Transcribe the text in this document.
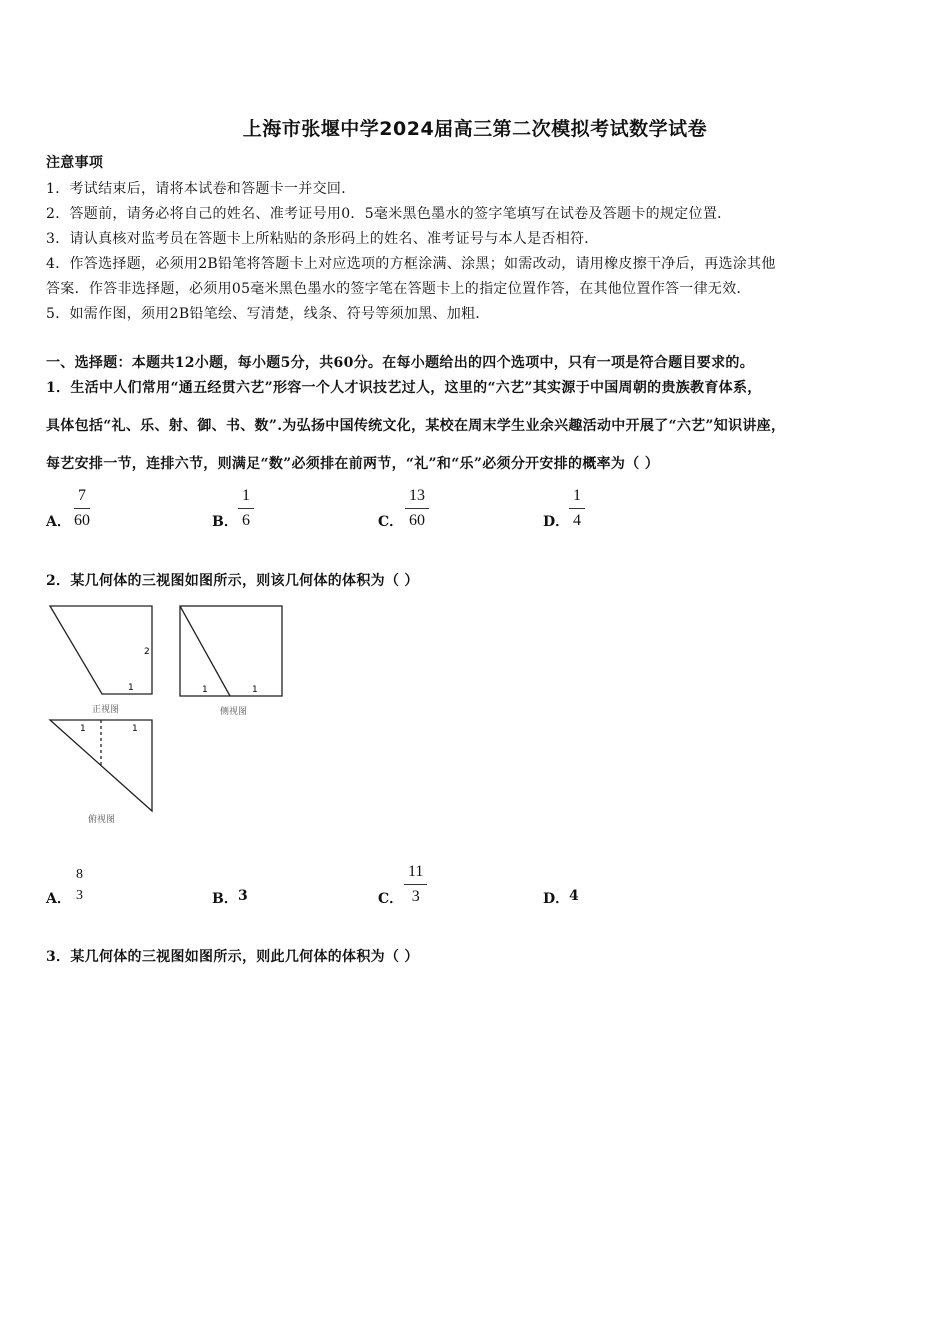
上海市张堰中学2024届高三第二次模拟考试数学试卷
注意事项
1．考试结束后，请将本试卷和答题卡一并交回．
2．答题前，请务必将自己的姓名、准考证号用0．5毫米黑色墨水的签字笔填写在试卷及答题卡的规定位置．
3．请认真核对监考员在答题卡上所粘贴的条形码上的姓名、准考证号与本人是否相符．
4．作答选择题，必须用2B铅笔将答题卡上对应选项的方框涂满、涂黑；如需改动，请用橡皮擦干净后，再选涂其他
答案．作答非选择题，必须用05毫米黑色墨水的签字笔在答题卡上的指定位置作答，在其他位置作答一律无效．
5．如需作图，须用2B铅笔绘、写清楚，线条、符号等须加黑、加粗．
一、选择题：本题共12小题，每小题5分，共60分。在每小题给出的四个选项中，只有一项是符合题目要求的。
1．生活中人们常用“通五经贯六艺”形容一个人才识技艺过人，这里的“六艺”其实源于中国周朝的贵族教育体系，
具体包括“礼、乐、射、御、书、数”.为弘扬中国传统文化，某校在周末学生业余兴趣活动中开展了“六艺”知识讲座，
每艺安排一节，连排六节，则满足“数”必须排在前两节，“礼”和“乐”必须分开安排的概率为（ ）
A． $\frac{7}{60}$	B． $\frac{1}{6}$	C． $\frac{13}{60}$	D． $\frac{1}{4}$
2．某几何体的三视图如图所示，则该几何体的体积为（ ）
2
1
正视图
1	1
侧视图
1	1
俯视图
A．
8
3	B． 3	C． $\frac{11}{3}$	D． 4
3．某几何体的三视图如图所示，则此几何体的体积为（ ）
